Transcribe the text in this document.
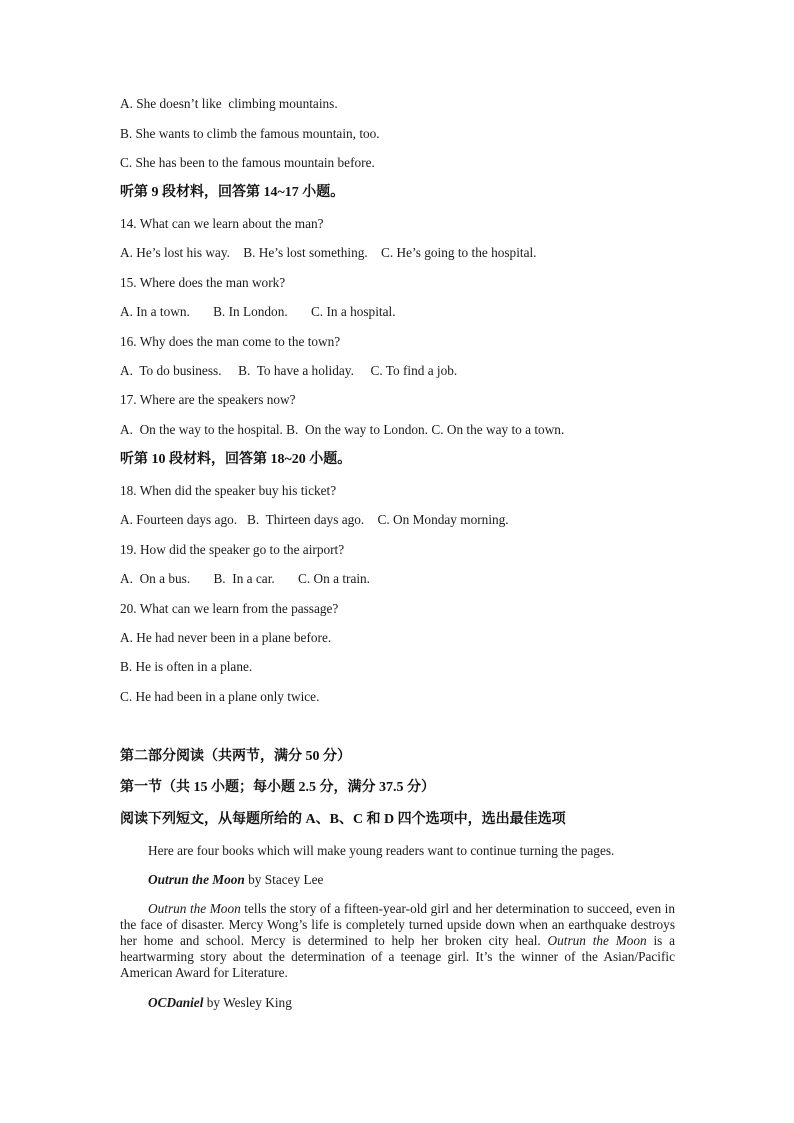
A. She doesn’t like  climbing mountains.
B. She wants to climb the famous mountain, too.
C. She has been to the famous mountain before.
听第 9 段材料，回答第 14~17 小题。
14. What can we learn about the man?
A. He’s lost his way.    B. He’s lost something.    C. He’s going to the hospital.
15. Where does the man work?
A. In a town.       B. In London.       C. In a hospital.
16. Why does the man come to the town?
A.  To do business.     B.  To have a holiday.     C. To find a job.
17. Where are the speakers now?
A.  On the way to the hospital. B.  On the way to London. C. On the way to a town.
听第 10 段材料，回答第 18~20 小题。
18. When did the speaker buy his ticket?
A. Fourteen days ago.   B.  Thirteen days ago.    C. On Monday morning.
19. How did the speaker go to the airport?
A.  On a bus.       B.  In a car.       C. On a train.
20. What can we learn from the passage?
A. He had never been in a plane before.
B. He is often in a plane.
C. He had been in a plane only twice.
第二部分阅读（共两节，满分 50 分）
第一节（共 15 小题；每小题 2.5 分，满分 37.5 分）
阅读下列短文，从每题所给的 A、B、C 和 D 四个选项中，选出最佳选项
Here are four books which will make young readers want to continue turning the pages.
Outrun the Moon by Stacey Lee

Outrun the Moon tells the story of a fifteen-year-old girl and her determination to succeed, even in the face of disaster. Mercy Wong’s life is completely turned upside down when an earthquake destroys her home and school. Mercy is determined to help her broken city heal. Outrun the Moon is a heartwarming story about the determination of a teenage girl. It’s the winner of the Asian/Pacific American Award for Literature.

OCDaniel by Wesley King
